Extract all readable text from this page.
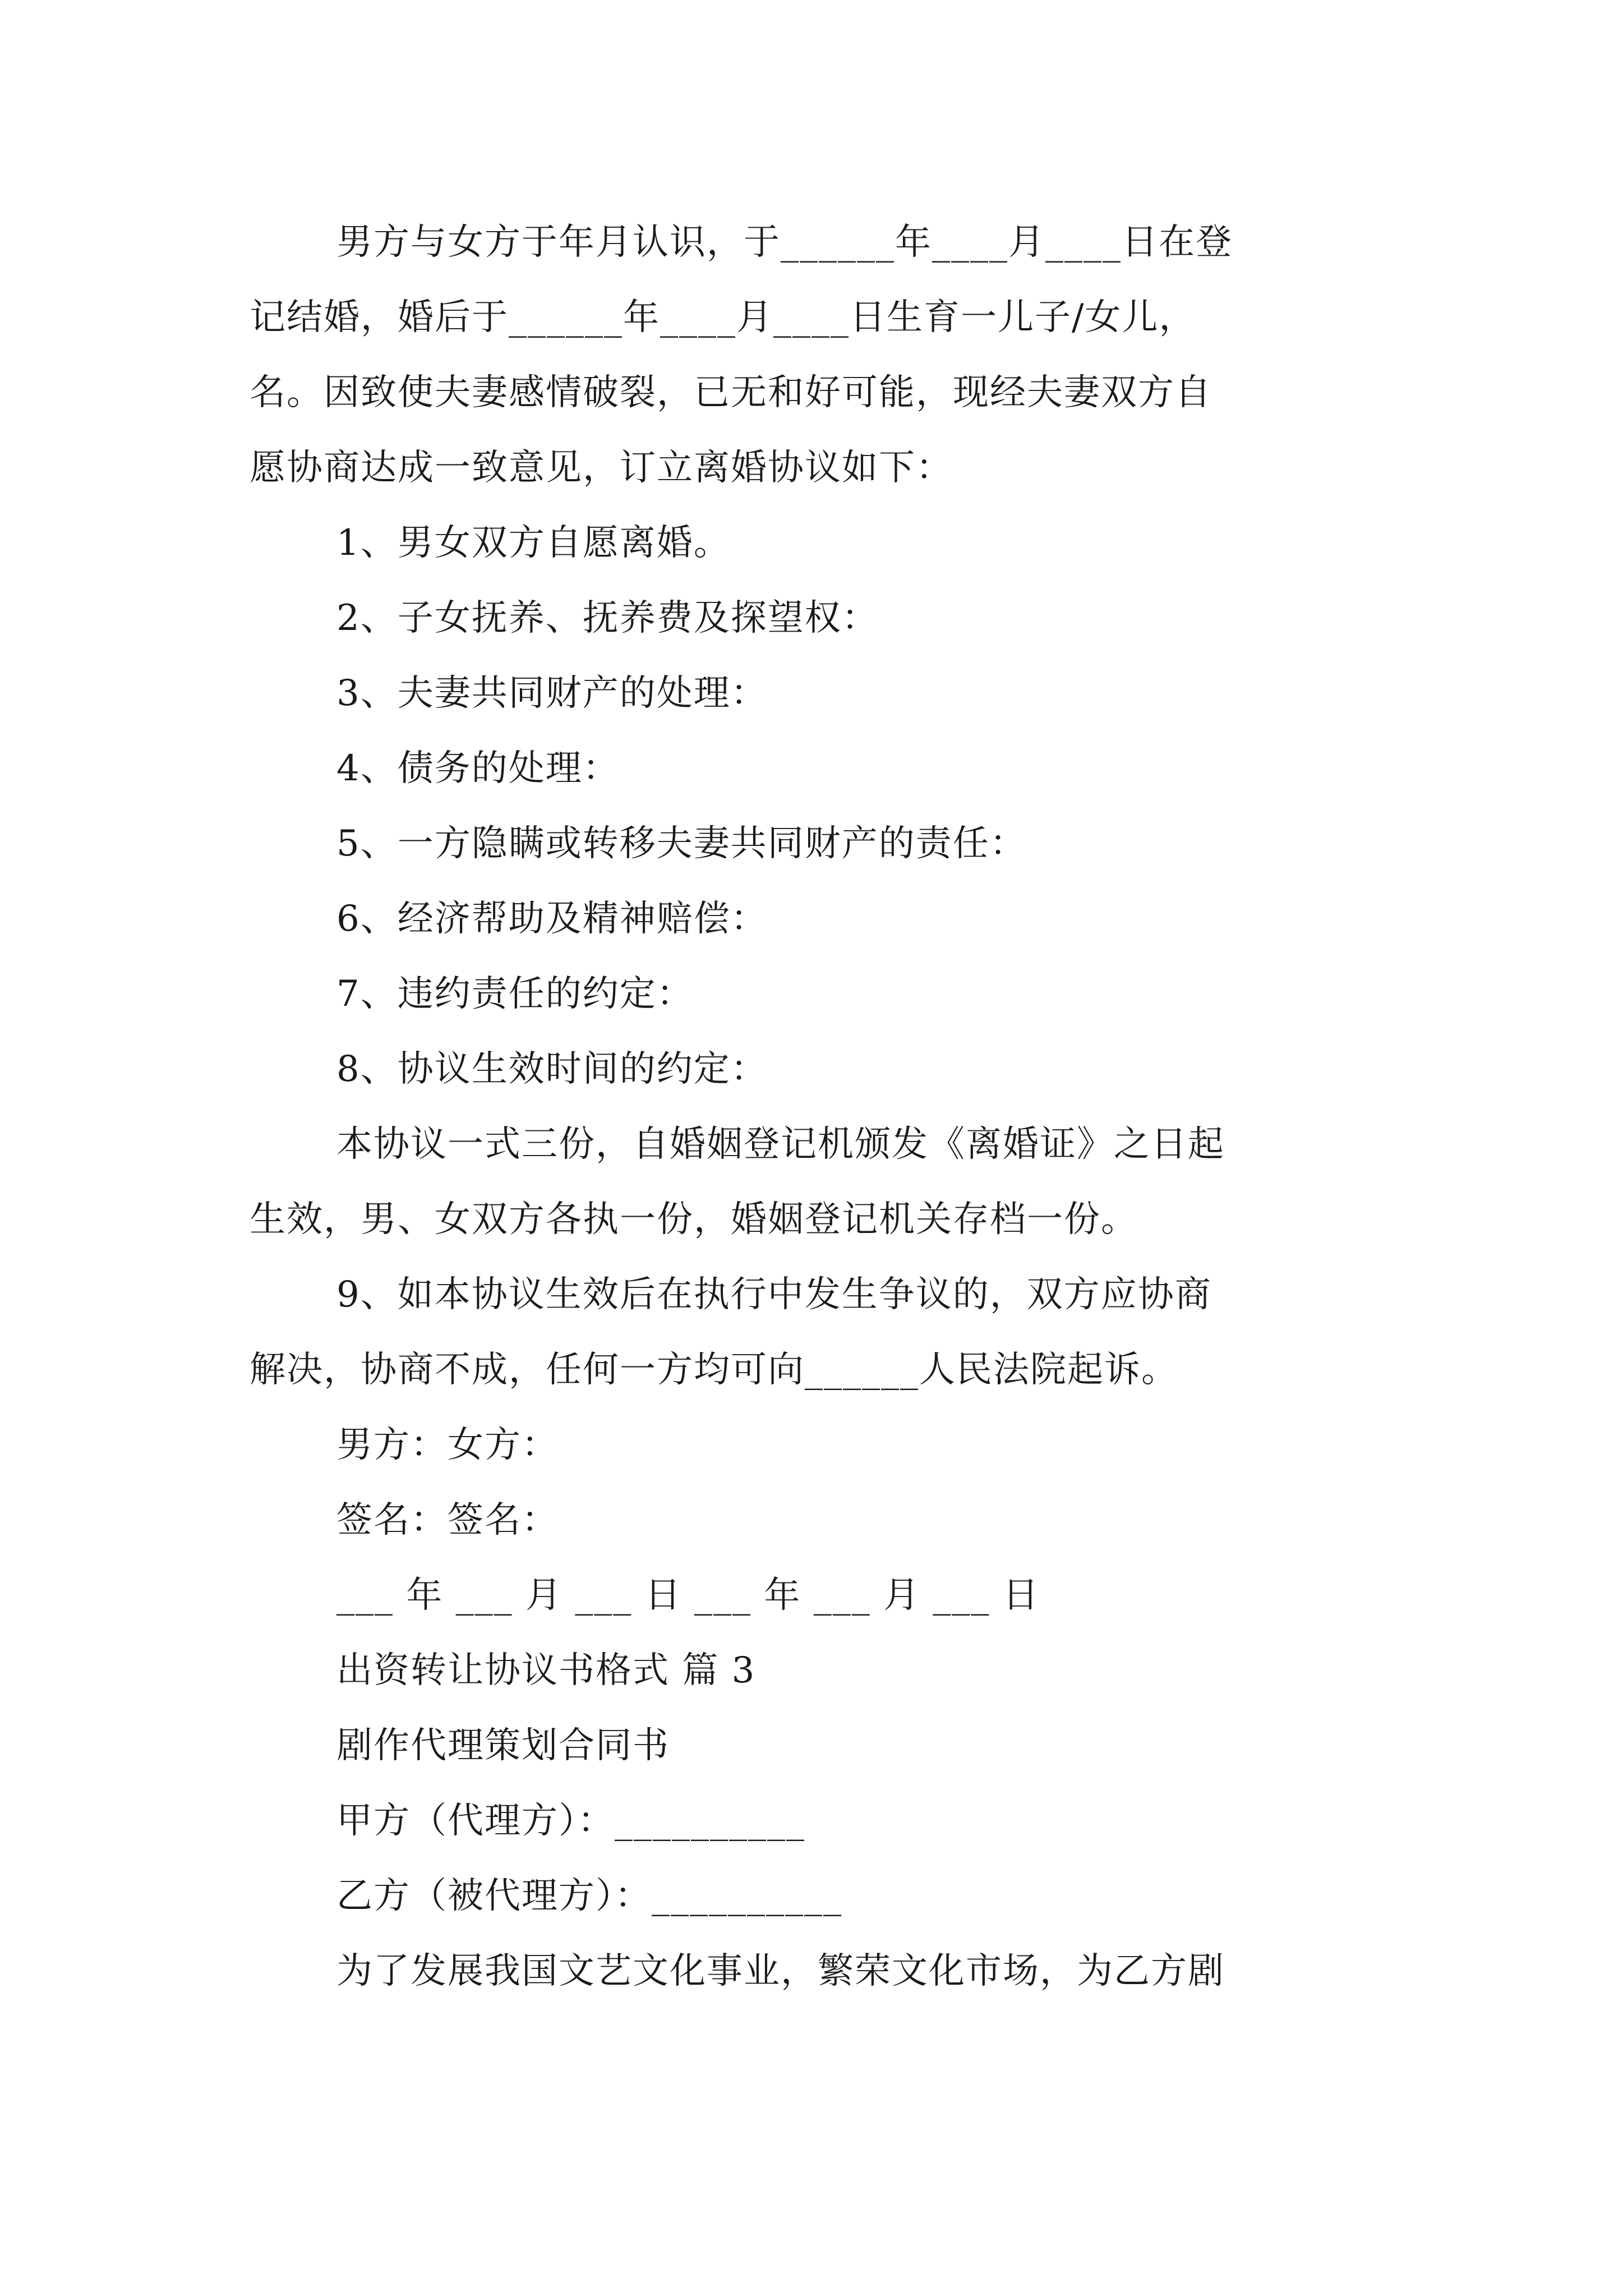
男方与女方于年月认识，于______年____月____日在登
记结婚，婚后于______年____月____日生育一儿子/女儿，
名。因致使夫妻感情破裂，已无和好可能，现经夫妻双方自
愿协商达成一致意见，订立离婚协议如下：
1、男女双方自愿离婚。
2、子女抚养、抚养费及探望权：
3、夫妻共同财产的处理：
4、债务的处理：
5、一方隐瞒或转移夫妻共同财产的责任：
6、经济帮助及精神赔偿：
7、违约责任的约定：
8、协议生效时间的约定：
本协议一式三份，自婚姻登记机颁发《离婚证》之日起
生效，男、女双方各执一份，婚姻登记机关存档一份。
9、如本协议生效后在执行中发生争议的，双方应协商
解决，协商不成，任何一方均可向______人民法院起诉。
男方：女方：
签名：签名：
___ 年 ___ 月 ___ 日 ___ 年 ___ 月 ___ 日
出资转让协议书格式 篇 3
剧作代理策划合同书
甲方（代理方）：__________
乙方（被代理方）：__________
为了发展我国文艺文化事业，繁荣文化市场，为乙方剧
